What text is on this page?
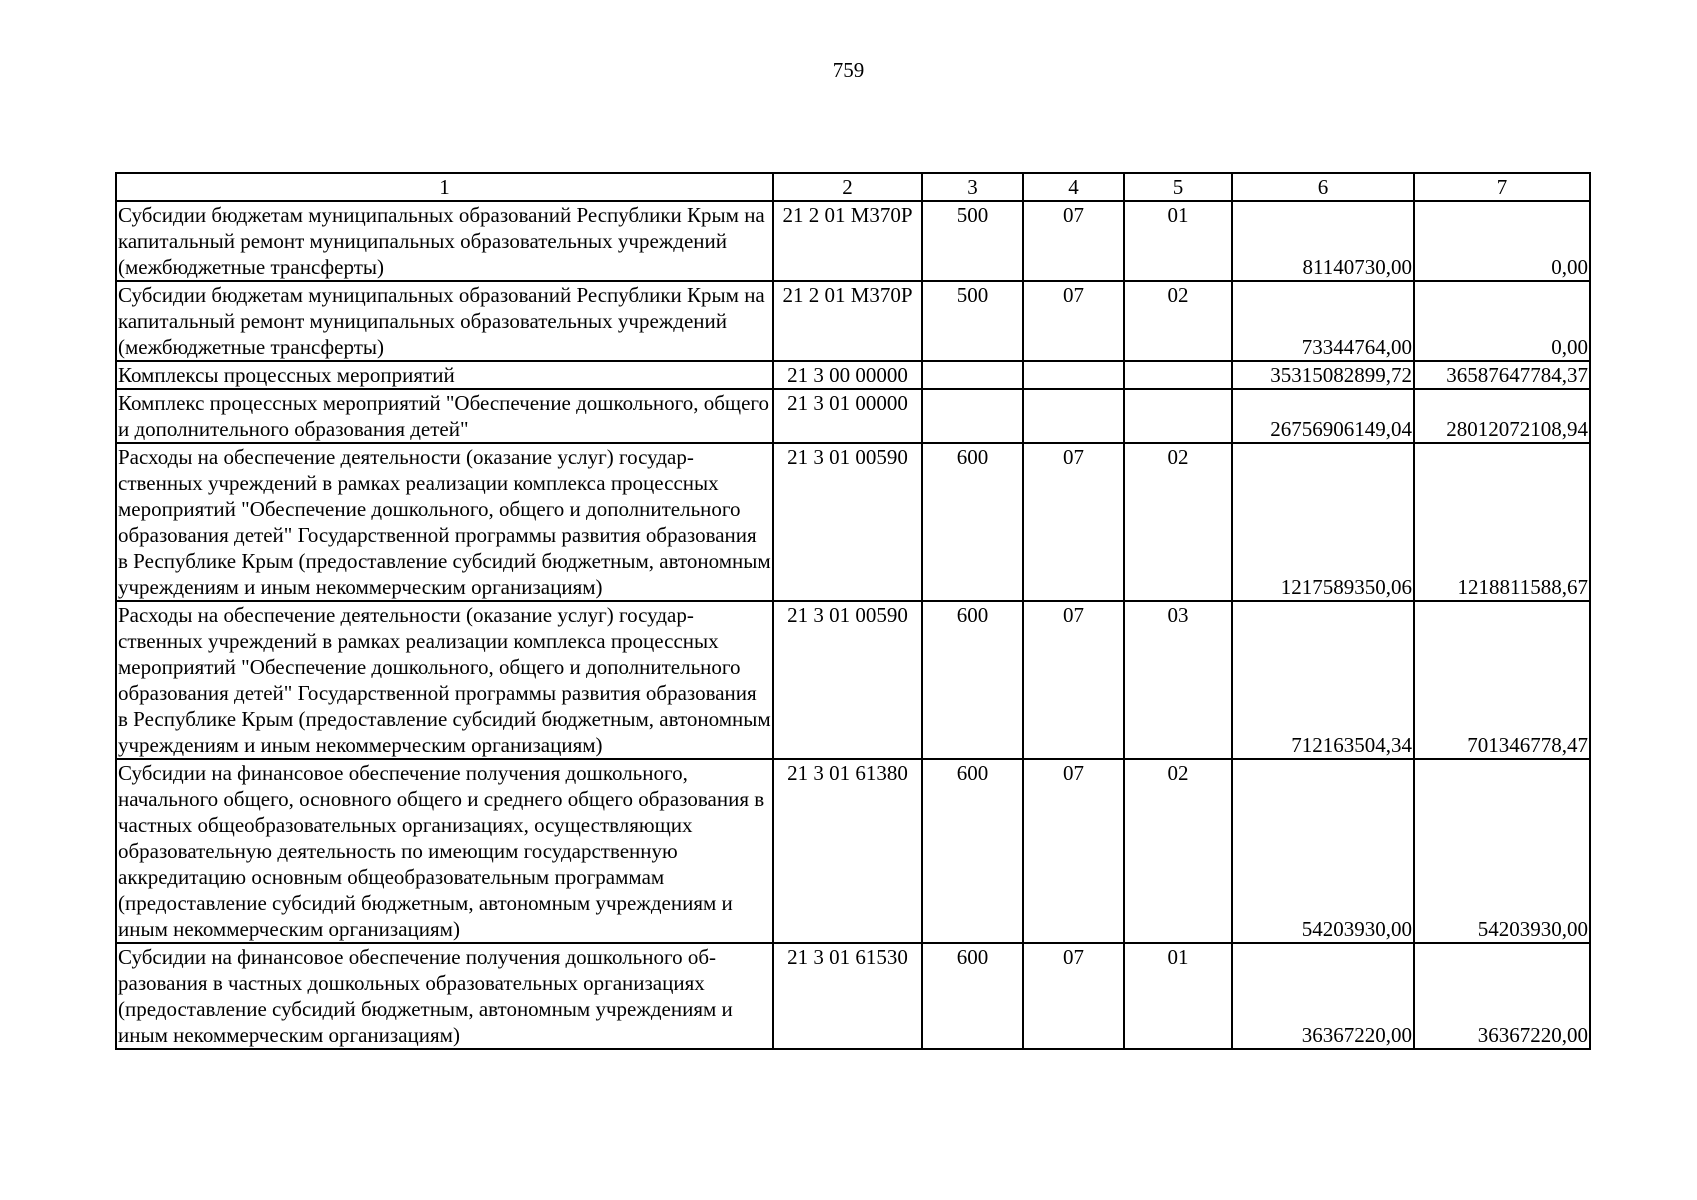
759
1	2	3	4	5	6	7
Субсидии бюджетам муниципальных образований Республики Крым на капитальный ремонт муниципальных образовательных учреждений (межбюджетные трансферты)	21 2 01 М370Р	500	07	01	81140730,00	0,00
Субсидии бюджетам муниципальных образований Республики Крым на капитальный ремонт муниципальных образовательных учреждений (межбюджетные трансферты)	21 2 01 М370Р	500	07	02	73344764,00	0,00
Комплексы процессных мероприятий	21 3 00 00000				35315082899,72	36587647784,37
Комплекс процессных мероприятий "Обеспечение дошкольного, общего и дополнительного образования детей"	21 3 01 00000				26756906149,04	28012072108,94
Расходы на обеспечение деятельности (оказание услуг) государственных учреждений в рамках реализации комплекса процессных мероприятий "Обеспечение дошкольного, общего и дополнительного образования детей" Государственной программы развития образования в Республике Крым (предоставление субсидий бюджетным, автономным учреждениям и иным некоммерческим организациям)	21 3 01 00590	600	07	02	1217589350,06	1218811588,67
Расходы на обеспечение деятельности (оказание услуг) государственных учреждений в рамках реализации комплекса процессных мероприятий "Обеспечение дошкольного, общего и дополнительного образования детей" Государственной программы развития образования в Республике Крым (предоставление субсидий бюджетным, автономным учреждениям и иным некоммерческим организациям)	21 3 01 00590	600	07	03	712163504,34	701346778,47
Субсидии на финансовое обеспечение получения дошкольного, начального общего, основного общего и среднего общего образования в частных общеобразовательных организациях, осуществляющих образовательную деятельность по имеющим государственную аккредитацию основным общеобразовательным программам (предоставление субсидий бюджетным, автономным учреждениям и иным некоммерческим организациям)	21 3 01 61380	600	07	02	54203930,00	54203930,00
Субсидии на финансовое обеспечение получения дошкольного образования в частных дошкольных образовательных организациях (предоставление субсидий бюджетным, автономным учреждениям и иным некоммерческим организациям)	21 3 01 61530	600	07	01	36367220,00	36367220,00
